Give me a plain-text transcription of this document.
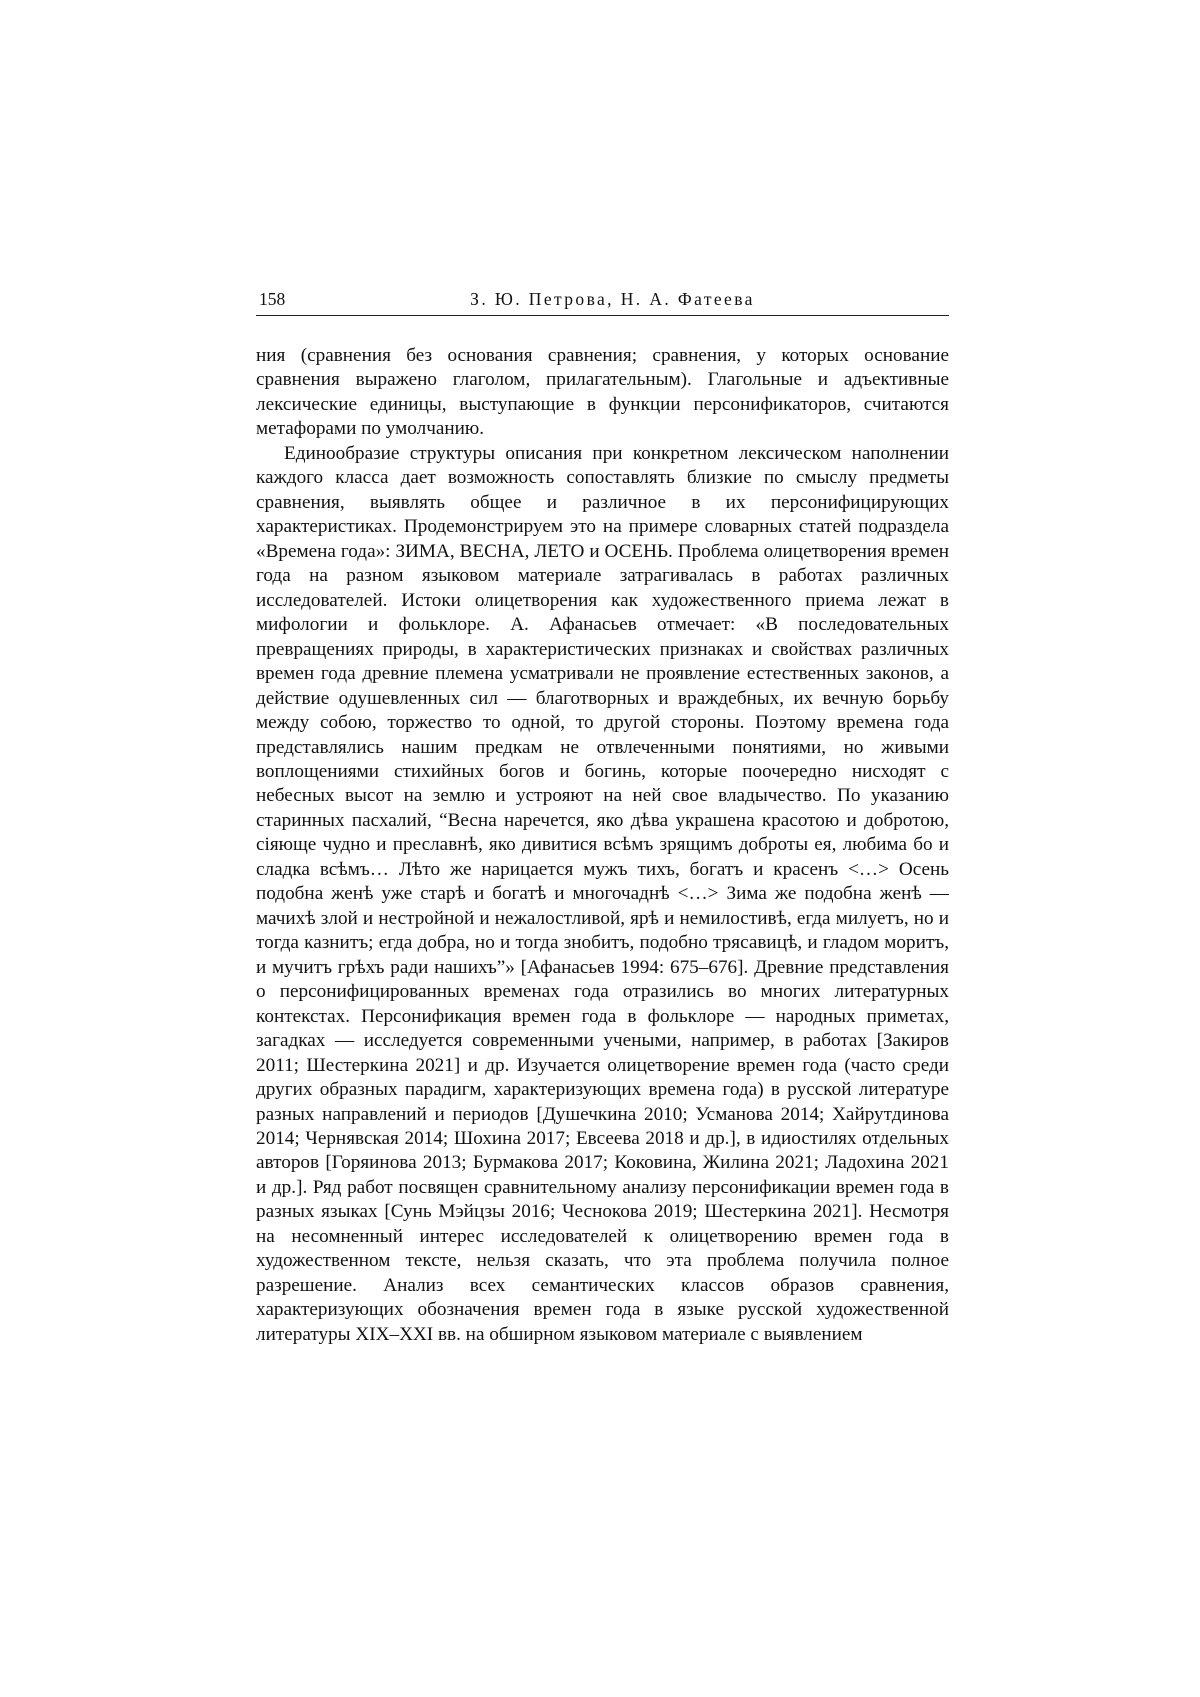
158	З. Ю. Петрова, Н. А. Фатеева

ния (сравнения без основания сравнения; сравнения, у которых основание сравнения выражено глаголом, прилагательным). Глагольные и адъективные лексические единицы, выступающие в функции персонификаторов, считаются метафорами по умолчанию.

Единообразие структуры описания при конкретном лексическом наполнении каждого класса дает возможность сопоставлять близкие по смыслу предметы сравнения, выявлять общее и различное в их персонифицирующих характеристиках. Продемонстрируем это на примере словарных статей подраздела «Времена года»: ЗИМА, ВЕСНА, ЛЕТО и ОСЕНЬ. Проблема олицетворения времен года на разном языковом материале затрагивалась в работах различных исследователей. Истоки олицетворения как художественного приема лежат в мифологии и фольклоре. А. Афанасьев отмечает: «В последовательных превращениях природы, в характеристических признаках и свойствах различных времен года древние племена усматривали не проявление естественных законов, а действие одушевленных сил — благотворных и враждебных, их вечную борьбу между собою, торжество то одной, то другой стороны. Поэтому времена года представлялись нашим предкам не отвлеченными понятиями, но живыми воплощениями стихийных богов и богинь, которые поочередно нисходят с небесных высот на землю и устрояют на ней свое владычество. По указанию старинных пасхалий, “Весна наречется, яко дѣва украшена красотою и добротою, сіяюще чудно и преславнѣ, яко дивитися всѣмъ зрящимъ доброты ея, любима бо и сладка всѣмъ… Лѣто же нарицается мужъ тихъ, богатъ и красенъ <…> Осень подобна женѣ уже старѣ и богатѣ и многочаднѣ <…> Зима же подобна женѣ — мачихѣ злой и нестройной и нежалостливой, ярѣ и немилостивѣ, егда милуетъ, но и тогда казнитъ; егда добра, но и тогда знобитъ, подобно трясавицѣ, и гладом моритъ, и мучитъ грѣхъ ради нашихъ”» [Афанасьев 1994: 675–676]. Древние представления о персонифицированных временах года отразились во многих литературных контекстах. Персонификация времен года в фольклоре — народных приметах, загадках — исследуется современными учеными, например, в работах [Закиров 2011; Шестеркина 2021] и др. Изучается олицетворение времен года (часто среди других образных парадигм, характеризующих времена года) в русской литературе разных направлений и периодов [Душечкина 2010; Усманова 2014; Хайрутдинова 2014; Чернявская 2014; Шохина 2017; Евсеева 2018 и др.], в идиостилях отдельных авторов [Горяинова 2013; Бурмакова 2017; Коковина, Жилина 2021; Ладохина 2021 и др.]. Ряд работ посвящен сравнительному анализу персонификации времен года в разных языках [Сунь Мэйцзы 2016; Чеснокова 2019; Шестеркина 2021]. Несмотря на несомненный интерес исследователей к олицетворению времен года в художественном тексте, нельзя сказать, что эта проблема получила полное разрешение. Анализ всех семантических классов образов сравнения, характеризующих обозначения времен года в языке русской художественной литературы XIX–XXI вв. на обширном языковом материале с выявлением
